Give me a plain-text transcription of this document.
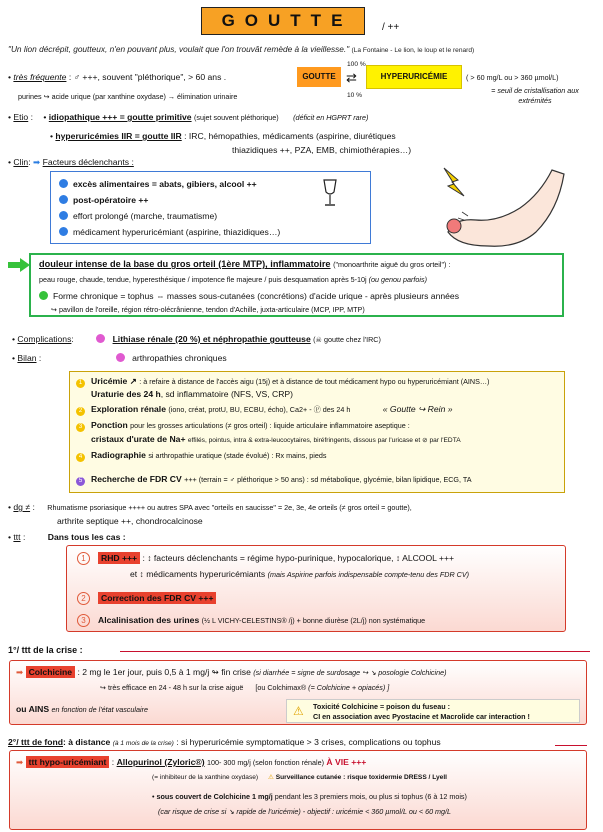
GOUTTE	/ ++
"Un lion décrépit, goutteux, n'en pouvant plus, voulait que l'on trouvât remède à la vieillesse." (La Fontaine - Le lion, le loup et le renard)
• très fréquente : ♂ +++, souvent "pléthorique", > 60 ans .
purines ↪ acide urique (par xanthine oxydase) → élimination urinaire
GOUTTE
100 %
⇄
10 %
HYPERURICÉMIE	( > 60 mg/L ou > 360 µmol/L)
= seuil de cristallisation aux extrémités
• Etio : • idiopathique +++ = goutte primitive (sujet souvent pléthorique) (déficit en HGPRT rare)
• hyperuricémies IIR = goutte IIR : IRC, hémopathies, médicaments (aspirine, diurétiques
thiazidiques ++, PZA, EMB, chimiothérapies…)
• Clin: ➡ Facteurs déclenchants :
excès alimentaires = abats, gibiers, alcool ++
post-opératoire ++
effort prolongé (marche, traumatisme)
médicament hyperuricémiant (aspirine, thiazidiques…)
douleur intense de la base du gros orteil (1ère MTP), inflammatoire ("monoarthrite aiguë du gros orteil") :
peau rouge, chaude, tendue, hyperesthésique / impotence fle majeure / puis desquamation après 5-10j (ou genou parfois)
Forme chronique = tophus ⇔ masses sous-cutanées (concrétions) d'acide urique - après plusieurs années
↪ pavillon de l'oreille, région rétro-olécrânienne, tendon d'Achille, juxta-articulaire (MCP, IPP, MTP)
• Complications:	Lithiase rénale (20 %) et néphropathie goutteuse (☠ goutte chez l'IRC)
• Bilan :	arthropathies chroniques
1 Uricémie ↗ : à refaire à distance de l'accès aigu (15j) et à distance de tout médicament hypo ou hyperuricémiant (AINS…)
Uraturie des 24 h, sd inflammatoire (NFS, VS, CRP)
2 Exploration rénale (iono, créat, protU, BU, ECBU, écho), Ca2+ - Ⓟ des 24 h	« Goutte ↪ Rein »
3 Ponction pour les grosses articulations (≠ gros orteil) : liquide articulaire inflammatoire aseptique :
cristaux d'urate de Na+ effilés, pointus, intra & extra-leucocytaires, biréfringents, dissous par l'uricase et ⊘ par l'EDTA
4 Radiographie si arthropathie uratique (stade évolué) : Rx mains, pieds
5 Recherche de FDR CV +++ (terrain = ♂ pléthorique > 50 ans) : sd métabolique, glycémie, bilan lipidique, ECG, TA
• dg ≠ : Rhumatisme psoriasique ++++ ou autres SPA avec "orteils en saucisse" = 2e, 3e, 4e orteils (≠ gros orteil = goutte),
arthrite septique ++, chondrocalcinose
• ttt : Dans tous les cas :
1 RHD +++ : ↕ facteurs déclenchants = régime hypo-purinique, hypocalorique, ↕ ALCOOL +++
et ↕ médicaments hyperuricémiants (mais Aspirine parfois indispensable compte-tenu des FDR CV)
2 Correction des FDR CV +++
3 Alcalinisation des urines (½ L VICHY-CELESTINS® /j) + bonne diurèse (2L/j) non systématique
1°/ ttt de la crise :
➡ Colchicine : 2 mg le 1er jour, puis 0,5 à 1 mg/j ↬ fin crise (si diarrhée = signe de surdosage ↪ ↘ posologie Colchicine)
↪ très efficace en 24 - 48 h sur la crise aiguë [ou Colchimax® (= Colchicine + opiacés) ]
ou AINS en fonction de l'état vasculaire	⚠ Toxicité Colchicine = poison du fuseau :
CI en association avec Pyostacine et Macrolide car interaction !
2°/ ttt de fond: à distance (à 1 mois de la crise) : si hyperuricémie symptomatique > 3 crises, complications ou tophus
➡ ttt hypo-uricémiant : Allopurinol (Zyloric®) 100- 300 mg/j (selon fonction rénale) À VIE +++
(= inhibiteur de la xanthine oxydase) ⚠ Surveillance cutanée : risque toxidermie DRESS / Lyell
• sous couvert de Colchicine 1 mg/j pendant les 3 premiers mois, ou plus si tophus (6 à 12 mois)
(car risque de crise si ↘ rapide de l'uricémie) - objectif : uricémie < 360 µmol/L ou < 60 mg/L
